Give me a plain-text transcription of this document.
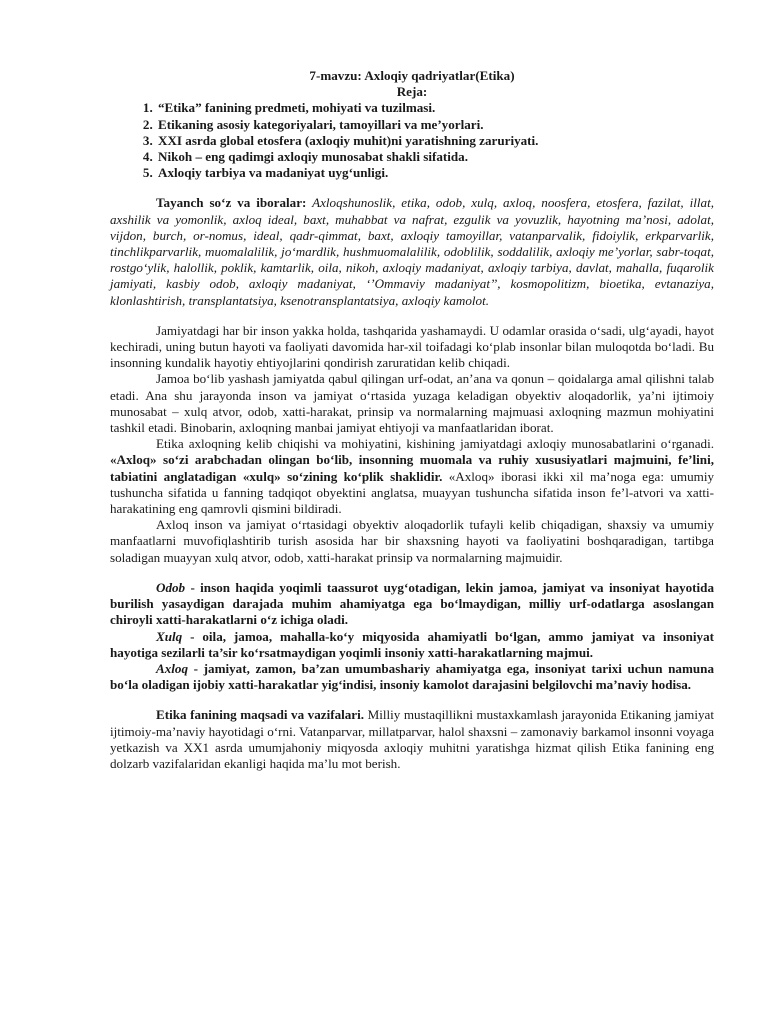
7-mavzu: Axloqiy qadriyatlar(Etika)
Reja:
1. “Etika” fanining predmeti, mohiyati va tuzilmasi.
2. Etikaning asosiy kategoriyalari, tamoyillari va me’yorlari.
3. XXI asrda global etosfera (axloqiy muhit)ni yaratishning zaruriyati.
4. Nikoh – eng qadimgi axloqiy munosabat shakli sifatida.
5. Axloqiy tarbiya va madaniyat uyg‘unligi.

Tayanch so‘z va iboralar: Axloqshunoslik, etika, odob, xulq, axloq, noosfera, etosfera, fazilat, illat, axshilik va yomonlik, axloq ideal, baxt, muhabbat va nafrat, ezgulik va yovuzlik, hayotning ma’nosi, adolat, vijdon, burch, or-nomus, ideal, qadr-qimmat, baxt, axloqiy tamoyillar, vatanparvalik, fidoiylik, erkparvarlik, tinchlikparvarlik, muomalalilik, jo‘mardlik, hushmuomalalilik, odoblilik, soddalilik, axloqiy me’yorlar, sabr-toqat, rostgo‘ylik, halollik, poklik, kamtarlik, oila, nikoh, axloqiy madaniyat, axloqiy tarbiya, davlat, mahalla, fuqarolik jamiyati, kasbiy odob, axloqiy madaniyat, ‘’Ommaviy madaniyat’’, kosmopolitizm, bioetika, evtanaziya, klonlashtirish, transplantatsiya, ksenotransplantatsiya, axloqiy kamolot.

Jamiyatdagi har bir inson yakka holda, tashqarida yashamaydi. U odamlar orasida o‘sadi, ulg‘ayadi, hayot kechiradi, uning butun hayoti va faoliyati davomida har-xil toifadagi ko‘plab insonlar bilan muloqotda bo‘ladi. Bu insonning kundalik hayotiy ehtiyojlarini qondirish zaruratidan kelib chiqadi.

Jamoa bo‘lib yashash jamiyatda qabul qilingan urf-odat, an’ana va qonun – qoidalarga amal qilishni talab etadi. Ana shu jarayonda inson va jamiyat o‘rtasida yuzaga keladigan obyektiv aloqadorlik, ya’ni ijtimoiy munosabat – xulq atvor, odob, xatti-harakat, prinsip va normalarning majmuasi axloqning mazmun mohiyatini tashkil etadi. Binobarin, axloqning manbai jamiyat ehtiyoji va manfaatlaridan iborat.

Etika axloqning kelib chiqishi va mohiyatini, kishining jamiyatdagi axloqiy munosabatlarini o‘rganadi. «Axloq» so‘zi arabchadan olingan bo‘lib, insonning muomala va ruhiy xususiyatlari majmuini, fe’lini, tabiatini anglatadigan «xulq» so‘zining ko‘plik shaklidir. «Axloq» iborasi ikki xil ma’noga ega: umumiy tushuncha sifatida u fanning tadqiqot obyektini anglatsa, muayyan tushuncha sifatida inson fe’l-atvori va xatti-harakatining eng qamrovli qismini bildiradi.

Axloq inson va jamiyat o‘rtasidagi obyektiv aloqadorlik tufayli kelib chiqadigan, shaxsiy va umumiy manfaatlarni muvofiqlashtirib turish asosida har bir shaxsning hayoti va faoliyatini boshqaradigan, tartibga soladigan muayyan xulq atvor, odob, xatti-harakat prinsip va normalarning majmuidir.

Odob - inson haqida yoqimli taassurot uyg‘otadigan, lekin jamoa, jamiyat va insoniyat hayotida burilish yasaydigan darajada muhim ahamiyatga ega bo‘lmaydigan, milliy urf-odatlarga asoslangan chiroyli xatti-harakatlarni o‘z ichiga oladi.

Xulq - oila, jamoa, mahalla-ko‘y miqyosida ahamiyatli bo‘lgan, ammo jamiyat va insoniyat hayotiga sezilarli ta’sir ko‘rsatmaydigan yoqimli insoniy xatti-harakatlarning majmui.

Axloq - jamiyat, zamon, ba’zan umumbashariy ahamiyatga ega, insoniyat tarixi uchun namuna bo‘la oladigan ijobiy xatti-harakatlar yig‘indisi, insoniy kamolot darajasini belgilovchi ma’naviy hodisa.

Etika fanining maqsadi va vazifalari. Milliy mustaqillikni mustaxkamlash jarayonida Etikaning jamiyat ijtimoiy-ma’naviy hayotidagi o‘rni. Vatanparvar, millatparvar, halol shaxsni – zamonaviy barkamol insonni voyaga yetkazish va XX1 asrda umumjahoniy miqyosda axloqiy muhitni yaratishga hizmat qilish Etika fanining eng dolzarb vazifalaridan ekanligi haqida ma’lu mot berish.
